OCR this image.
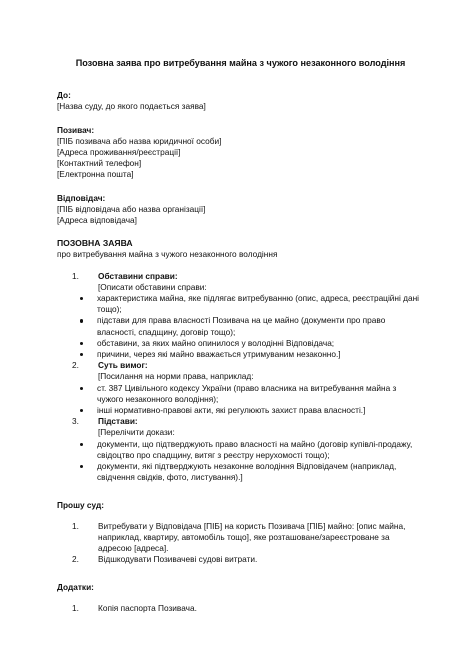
Позовна заява про витребування майна з чужого незаконного володіння

До:

[Назва суду, до якого подається заява]

Позивач:

[ПІБ позивача або назва юридичної особи]

[Адреса проживання/реєстрації]

[Контактний телефон]

[Електронна пошта]

Відповідач:

[ПІБ відповідача або назва організації]

[Адреса відповідача]

ПОЗОВНА ЗАЯВА

про витребування майна з чужого незаконного володіння

1. Обставини справи:

[Описати обставини справи:

характеристика майна, яке підлягає витребуванню (опис, адреса, реєстраційні дані тощо);
підстави для права власності Позивача на це майно (документи про право власності, спадщину, договір тощо);
обставини, за яких майно опинилося у володінні Відповідача;
причини, через які майно вважається утримуваним незаконно.]
2. Суть вимог:

[Посилання на норми права, наприклад:

ст. 387 Цивільного кодексу України (право власника на витребування майна з чужого незаконного володіння);
інші нормативно-правові акти, які регулюють захист права власності.]
3. Підстави:

[Перелічити докази:

документи, що підтверджують право власності на майно (договір купівлі-продажу, свідоцтво про спадщину, витяг з реєстру нерухомості тощо);
документи, які підтверджують незаконне володіння Відповідачем (наприклад, свідчення свідків, фото, листування).]

Прошу суд:

1. Витребувати у Відповідача [ПІБ] на користь Позивача [ПІБ] майно: [опис майна, наприклад, квартиру, автомобіль тощо], яке розташоване/зареєстроване за адресою [адреса].
2. Відшкодувати Позивачеві судові витрати.

Додатки:

1. Копія паспорта Позивача.
